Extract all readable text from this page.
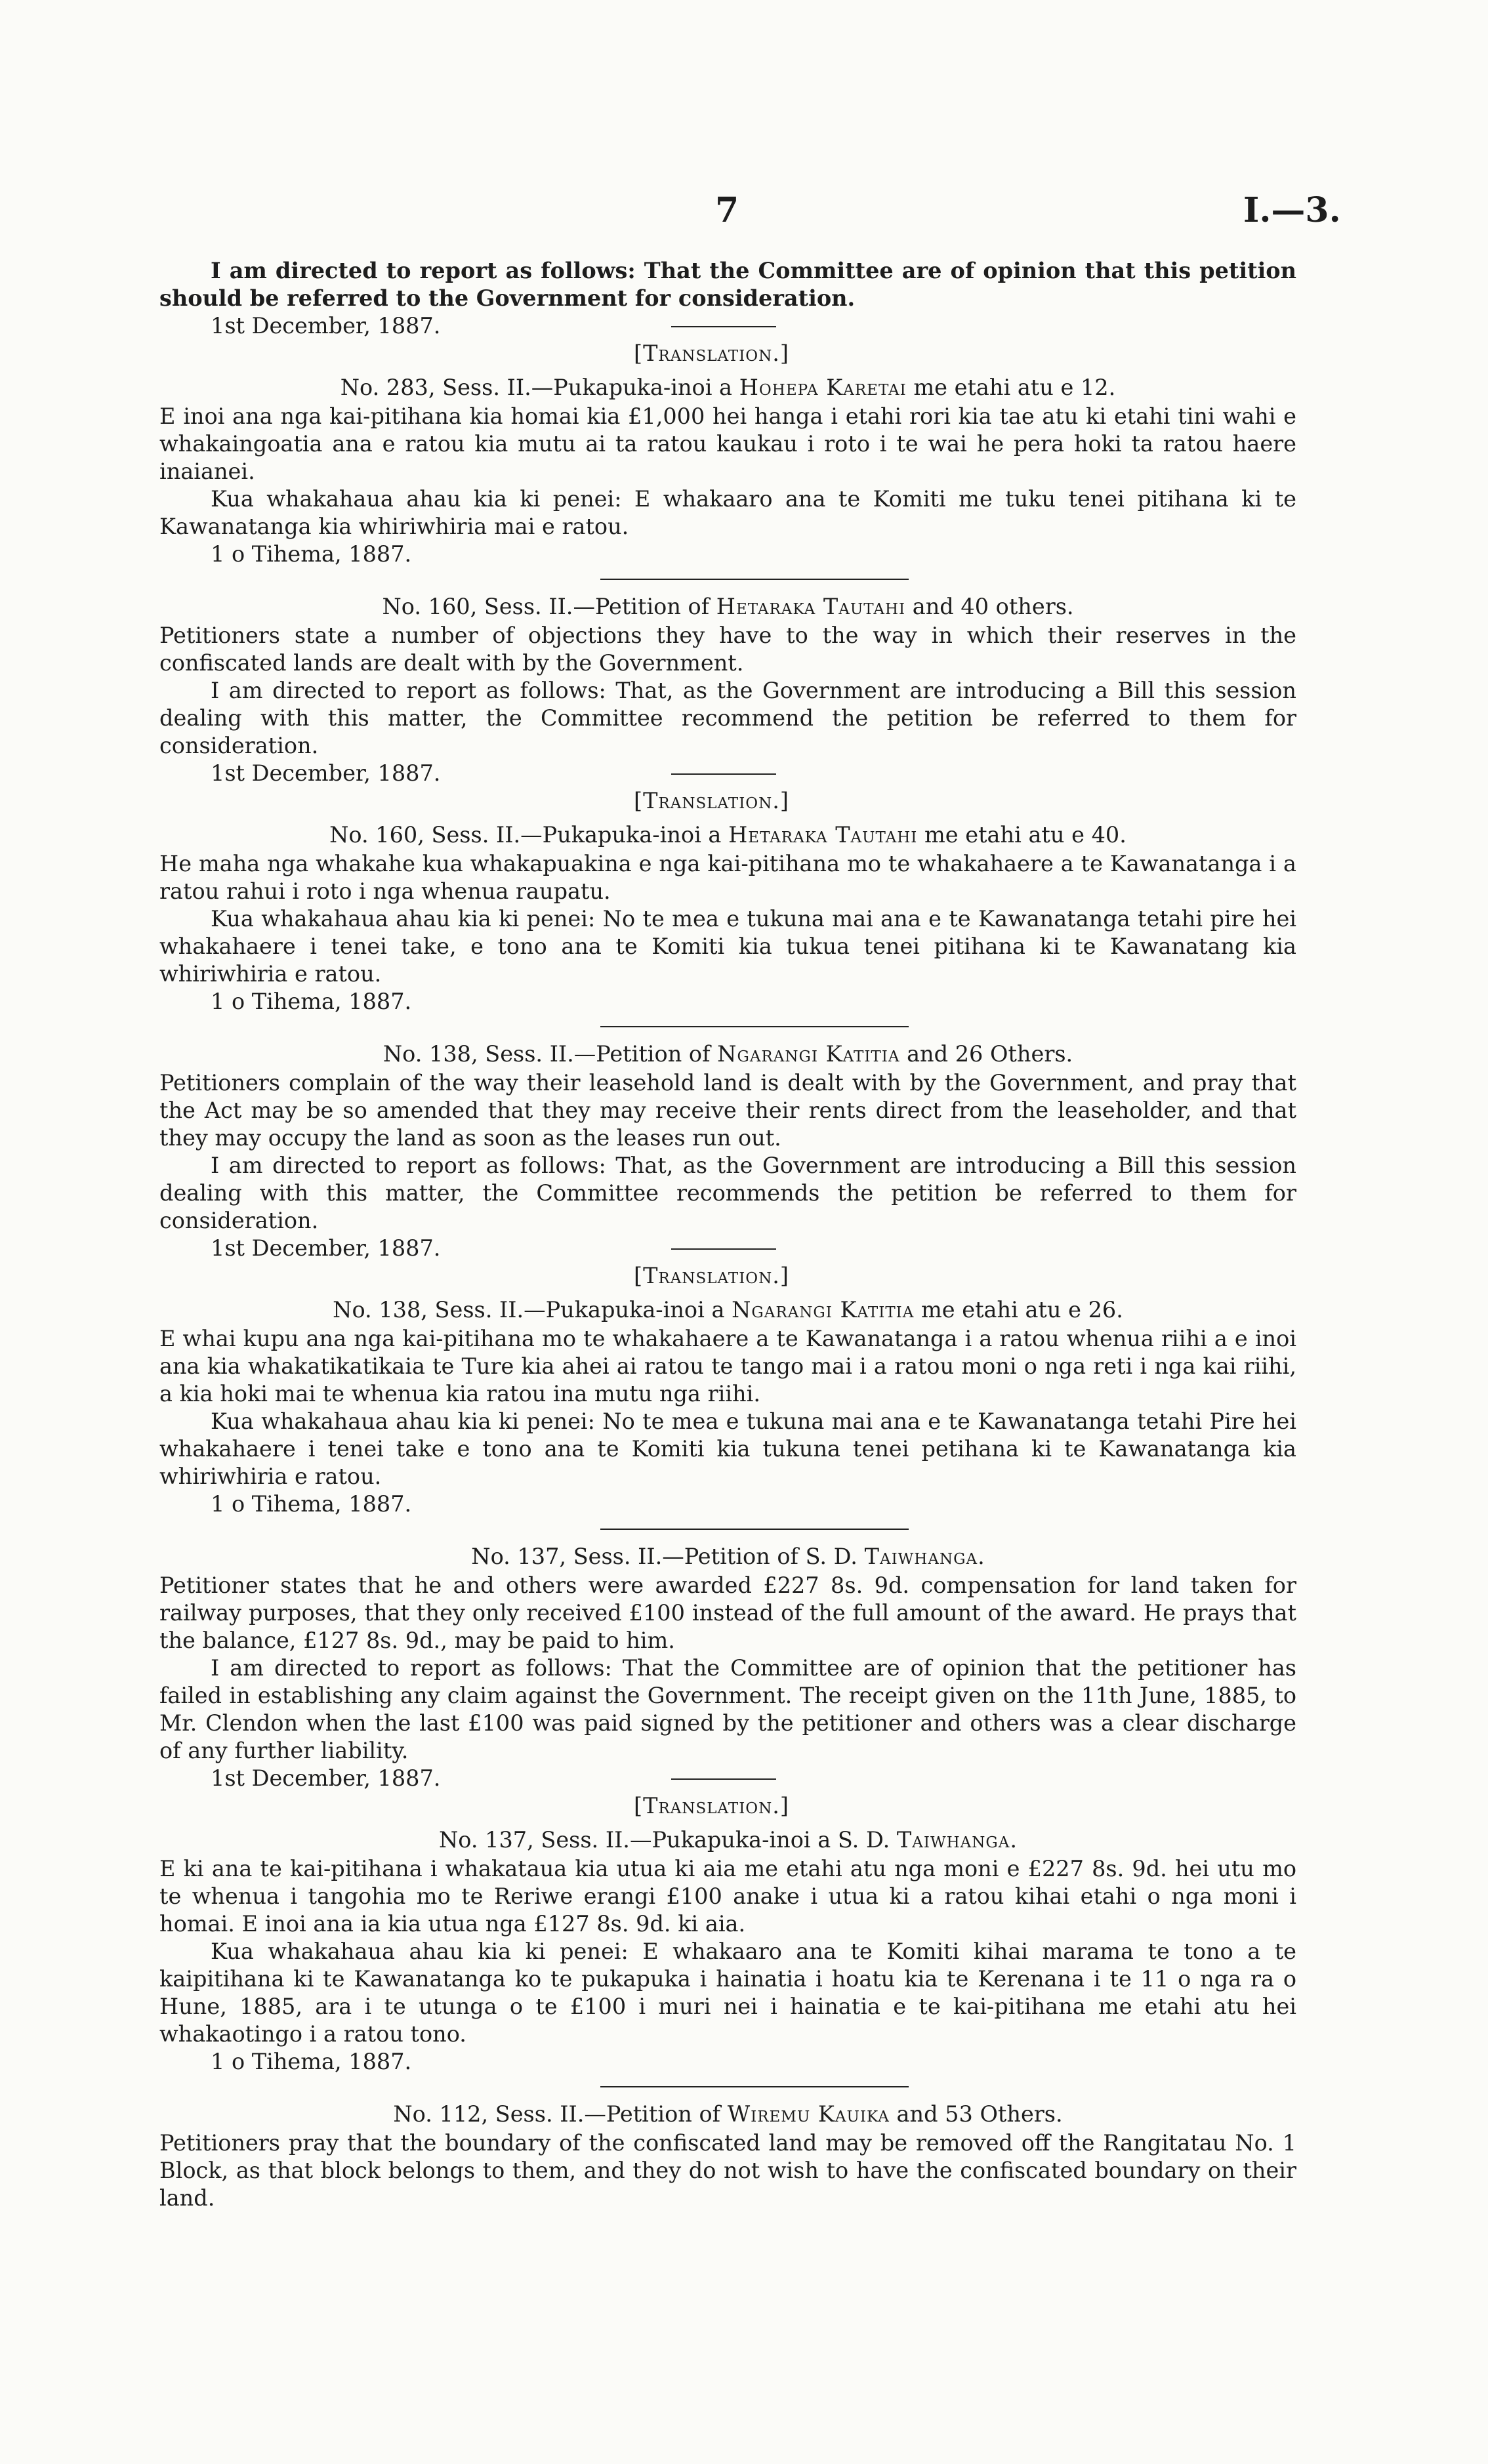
7	I.—3.

I am directed to report as follows: That the Committee are of opinion that this petition should be referred to the Government for consideration.

1st December, 1887.

[Translation.]

No. 283, Sess. II.—Pukapuka-inoi a Hohepa Karetai me etahi atu e 12.

E inoi ana nga kai-pitihana kia homai kia £1,000 hei hanga i etahi rori kia tae atu ki etahi tini wahi e whakaingoatia ana e ratou kia mutu ai ta ratou kaukau i roto i te wai he pera hoki ta ratou haere inaianei.

Kua whakahaua ahau kia ki penei: E whakaaro ana te Komiti me tuku tenei pitihana ki te Kawanatanga kia whiriwhiria mai e ratou.

1 o Tihema, 1887.

No. 160, Sess. II.—Petition of Hetaraka Tautahi and 40 others.

Petitioners state a number of objections they have to the way in which their reserves in the confiscated lands are dealt with by the Government.

I am directed to report as follows: That, as the Government are introducing a Bill this session dealing with this matter, the Committee recommend the petition be referred to them for consideration.

1st December, 1887.

[Translation.]

No. 160, Sess. II.—Pukapuka-inoi a Hetaraka Tautahi me etahi atu e 40.

He maha nga whakahe kua whakapuakina e nga kai-pitihana mo te whakahaere a te Kawanatanga i a ratou rahui i roto i nga whenua raupatu.

Kua whakahaua ahau kia ki penei: No te mea e tukuna mai ana e te Kawanatanga tetahi pire hei whakahaere i tenei take, e tono ana te Komiti kia tukua tenei pitihana ki te Kawanatang kia whiriwhiria e ratou.

1 o Tihema, 1887.

No. 138, Sess. II.—Petition of Ngarangi Katitia and 26 Others.

Petitioners complain of the way their leasehold land is dealt with by the Government, and pray that the Act may be so amended that they may receive their rents direct from the leaseholder, and that they may occupy the land as soon as the leases run out.

I am directed to report as follows: That, as the Government are introducing a Bill this session dealing with this matter, the Committee recommends the petition be referred to them for consideration.

1st December, 1887.

[Translation.]

No. 138, Sess. II.—Pukapuka-inoi a Ngarangi Katitia me etahi atu e 26.

E whai kupu ana nga kai-pitihana mo te whakahaere a te Kawanatanga i a ratou whenua riihi a e inoi ana kia whakatikatikaia te Ture kia ahei ai ratou te tango mai i a ratou moni o nga reti i nga kai riihi, a kia hoki mai te whenua kia ratou ina mutu nga riihi.

Kua whakahaua ahau kia ki penei: No te mea e tukuna mai ana e te Kawanatanga tetahi Pire hei whakahaere i tenei take e tono ana te Komiti kia tukuna tenei petihana ki te Kawanatanga kia whiriwhiria e ratou.

1 o Tihema, 1887.

No. 137, Sess. II.—Petition of S. D. Taiwhanga.

Petitioner states that he and others were awarded £227 8s. 9d. compensation for land taken for railway purposes, that they only received £100 instead of the full amount of the award. He prays that the balance, £127 8s. 9d., may be paid to him.

I am directed to report as follows: That the Committee are of opinion that the petitioner has failed in establishing any claim against the Government. The receipt given on the 11th June, 1885, to Mr. Clendon when the last £100 was paid signed by the petitioner and others was a clear discharge of any further liability.

1st December, 1887.

[Translation.]

No. 137, Sess. II.—Pukapuka-inoi a S. D. Taiwhanga.

E ki ana te kai-pitihana i whakataua kia utua ki aia me etahi atu nga moni e £227 8s. 9d. hei utu mo te whenua i tangohia mo te Reriwe erangi £100 anake i utua ki a ratou kihai etahi o nga moni i homai. E inoi ana ia kia utua nga £127 8s. 9d. ki aia.

Kua whakahaua ahau kia ki penei: E whakaaro ana te Komiti kihai marama te tono a te kaipitihana ki te Kawanatanga ko te pukapuka i hainatia i hoatu kia te Kerenana i te 11 o nga ra o Hune, 1885, ara i te utunga o te £100 i muri nei i hainatia e te kai-pitihana me etahi atu hei whakaotingo i a ratou tono.

1 o Tihema, 1887.

No. 112, Sess. II.—Petition of Wiremu Kauika and 53 Others.

Petitioners pray that the boundary of the confiscated land may be removed off the Rangitatau No. 1 Block, as that block belongs to them, and they do not wish to have the confiscated boundary on their land.
